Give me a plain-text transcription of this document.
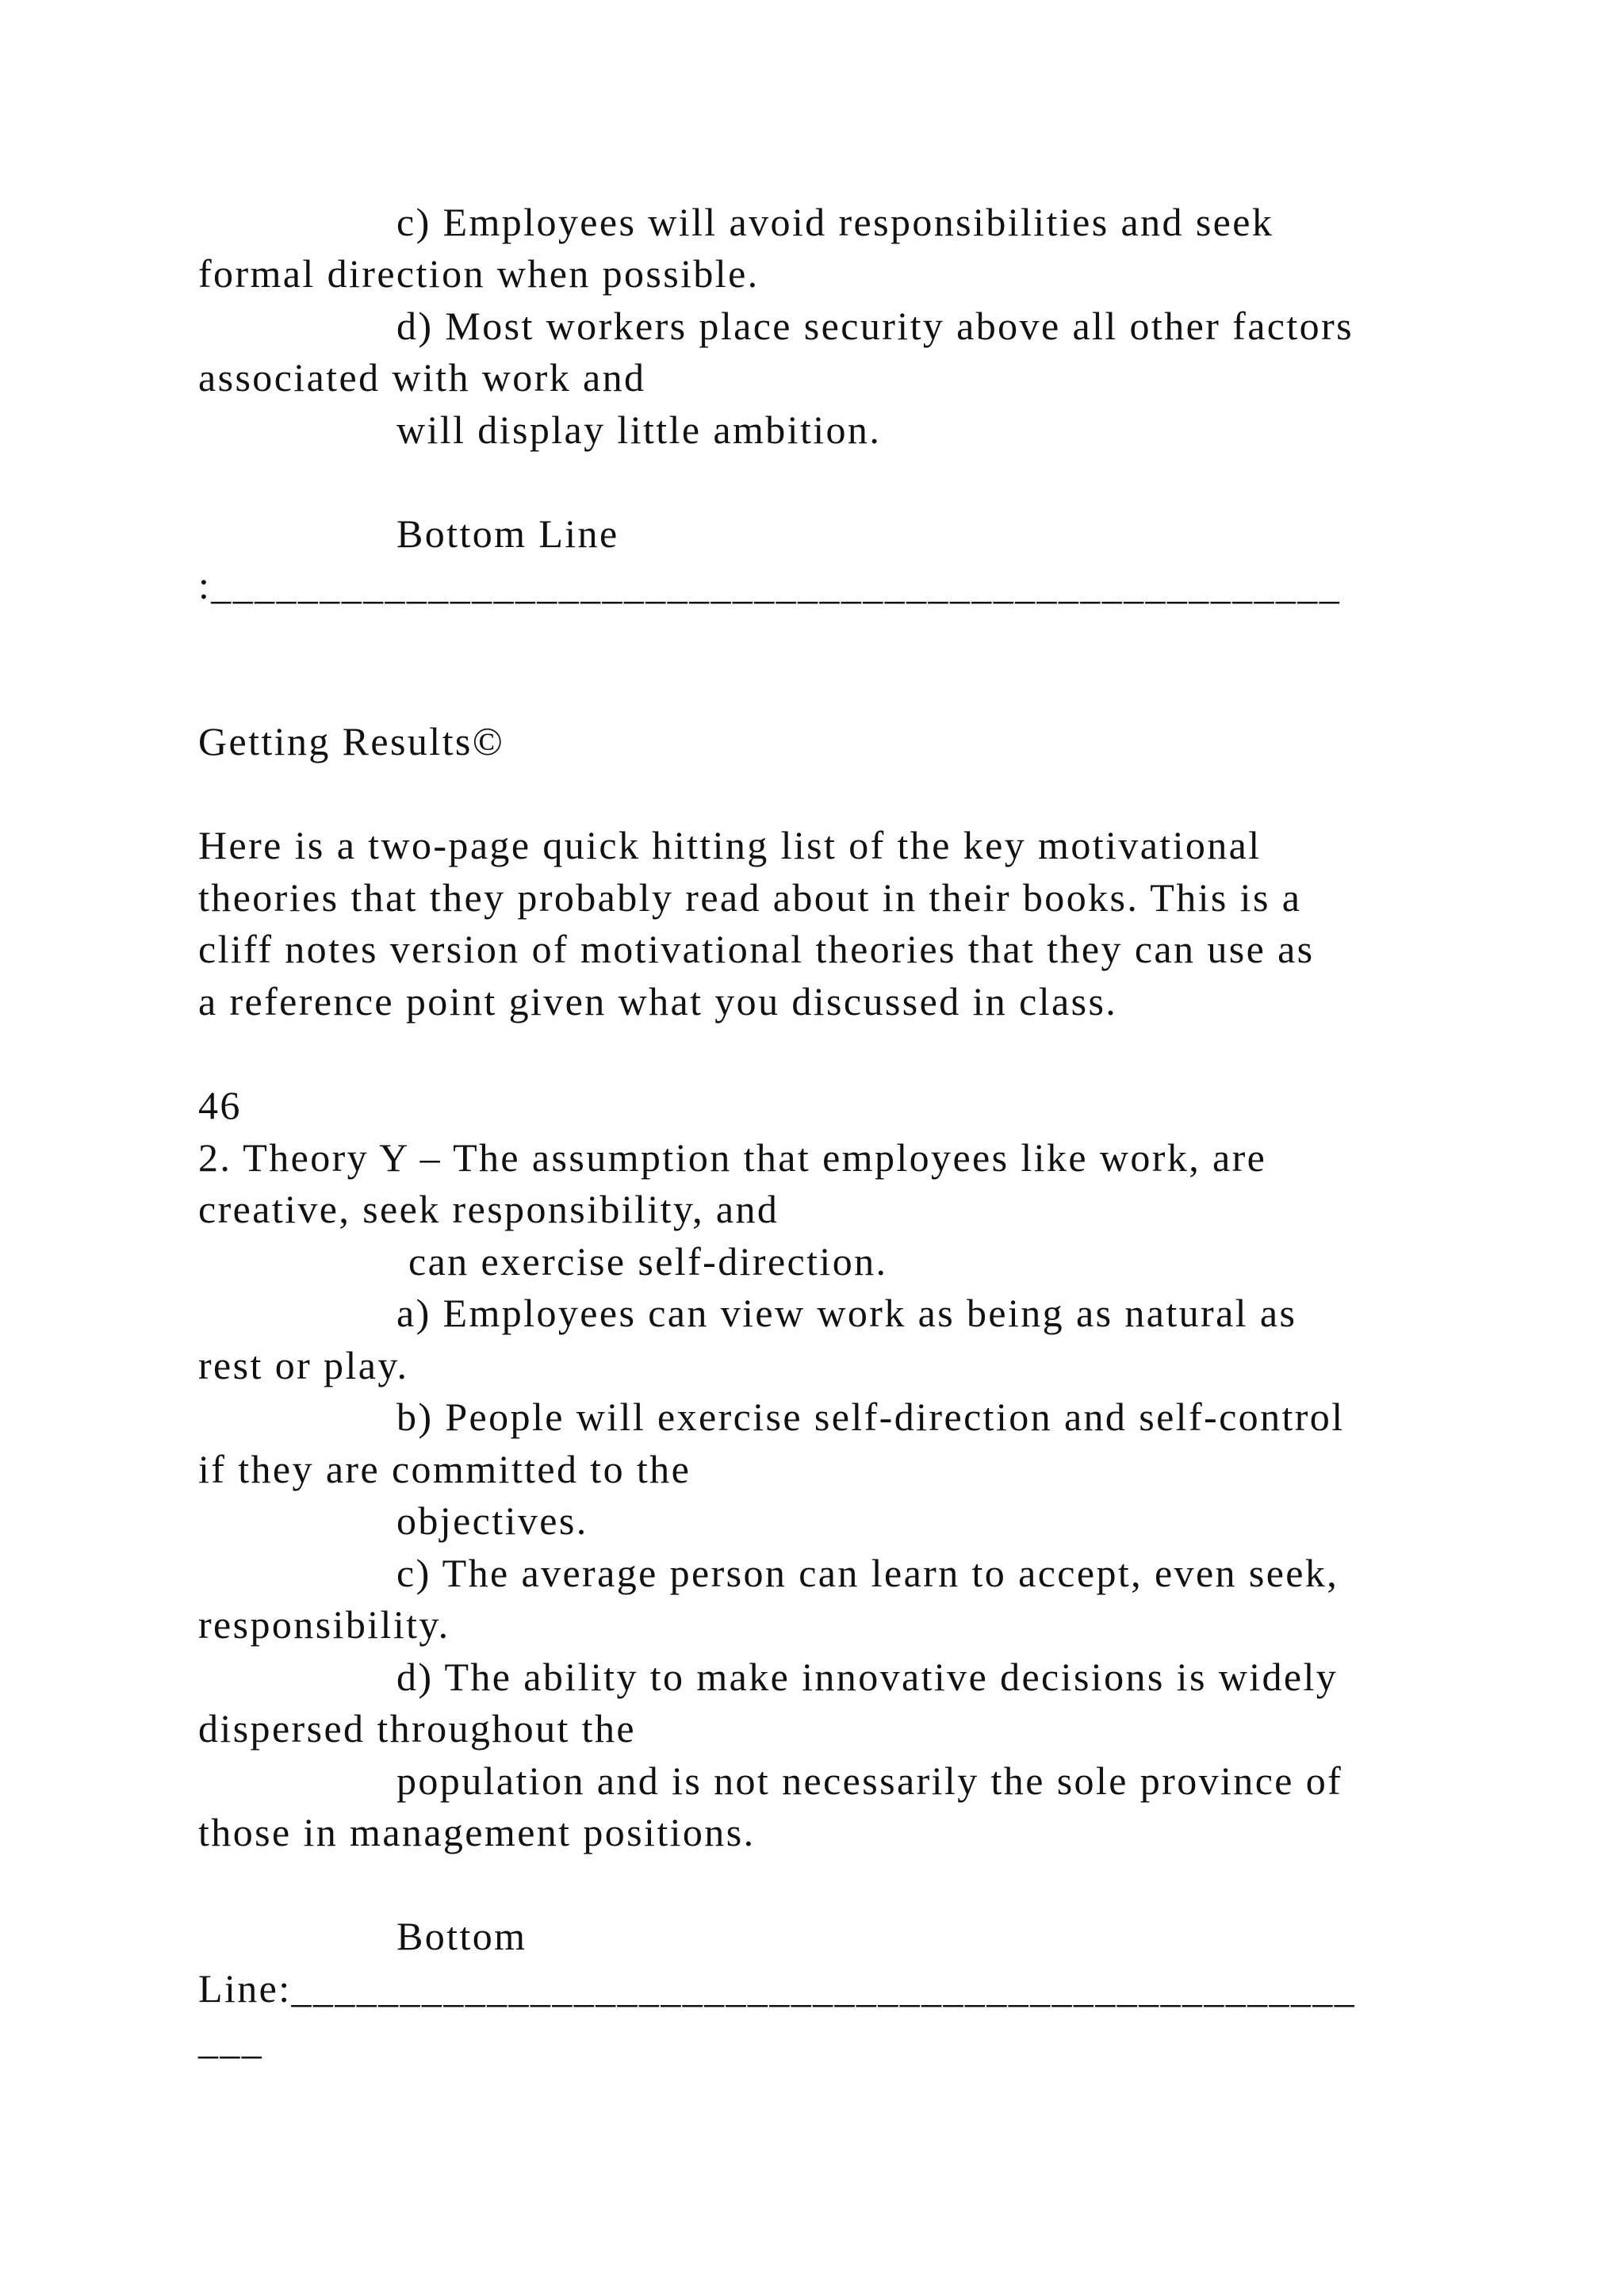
c) Employees will avoid responsibilities and seek

formal direction when possible.

d) Most workers place security above all other factors

associated with work and

will display little ambition.

Bottom Line

:____________________________________________________

Getting Results©

Here is a two-page quick hitting list of the key motivational

theories that they probably read about in their books. This is a

cliff notes version of motivational theories that they can use as

a reference point given what you discussed in class.

46

2. Theory Y – The assumption that employees like work, are

creative, seek responsibility, and

can exercise self-direction.

a) Employees can view work as being as natural as

rest or play.

b) People will exercise self-direction and self-control

if they are committed to the

objectives.

c) The average person can learn to accept, even seek,

responsibility.

d) The ability to make innovative decisions is widely

dispersed throughout the

population and is not necessarily the sole province of

those in management positions.

Bottom

Line:_________________________________________________

___
